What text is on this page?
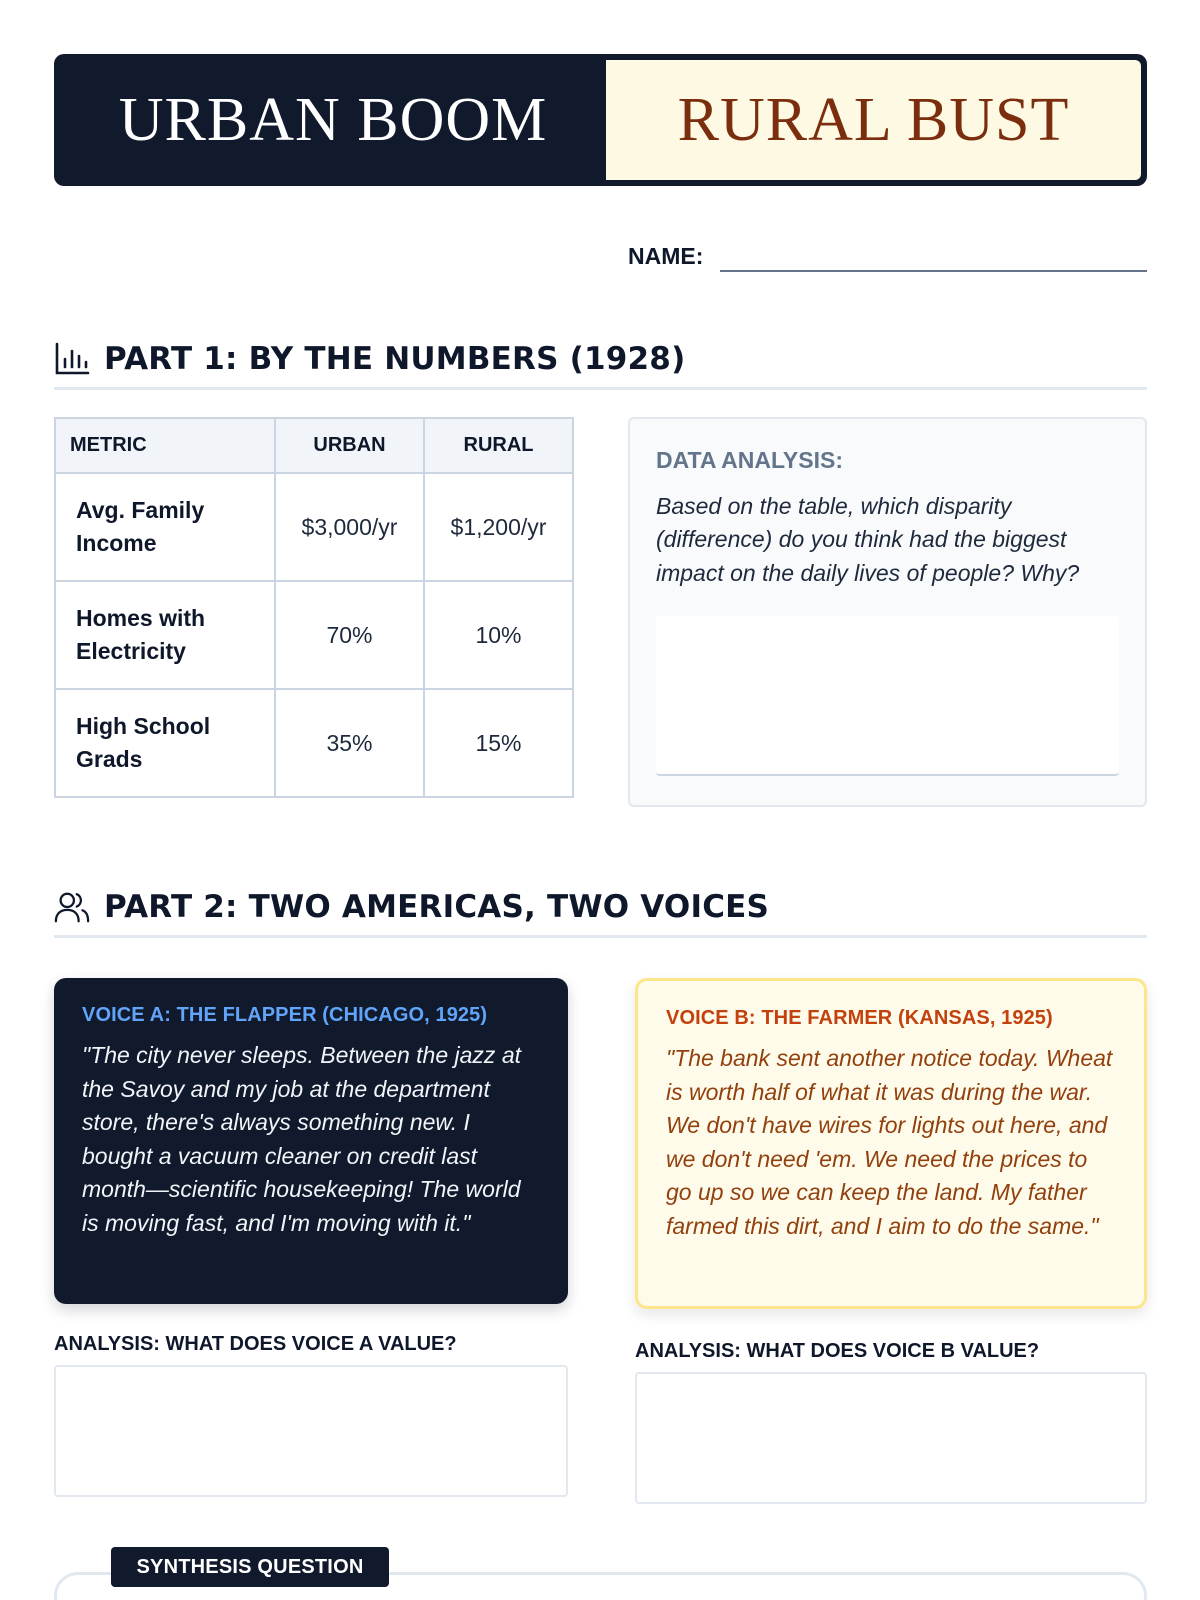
URBAN BOOM	RURAL BUST
NAME:
PART 1: BY THE NUMBERS (1928)
METRIC	URBAN	RURAL
Avg. Family Income	$3,000/yr	$1,200/yr
Homes with Electricity	70%	10%
High School Grads	35%	15%
DATA ANALYSIS:
Based on the table, which disparity (difference) do you think had the biggest impact on the daily lives of people? Why?
PART 2: TWO AMERICAS, TWO VOICES
VOICE A: THE FLAPPER (CHICAGO, 1925)
"The city never sleeps. Between the jazz at the Savoy and my job at the department store, there's always something new. I bought a vacuum cleaner on credit last month—scientific housekeeping! The world is moving fast, and I'm moving with it."
VOICE B: THE FARMER (KANSAS, 1925)
"The bank sent another notice today. Wheat is worth half of what it was during the war. We don't have wires for lights out here, and we don't need 'em. We need the prices to go up so we can keep the land. My father farmed this dirt, and I aim to do the same."
ANALYSIS: WHAT DOES VOICE A VALUE?	ANALYSIS: WHAT DOES VOICE B VALUE?
SYNTHESIS QUESTION
